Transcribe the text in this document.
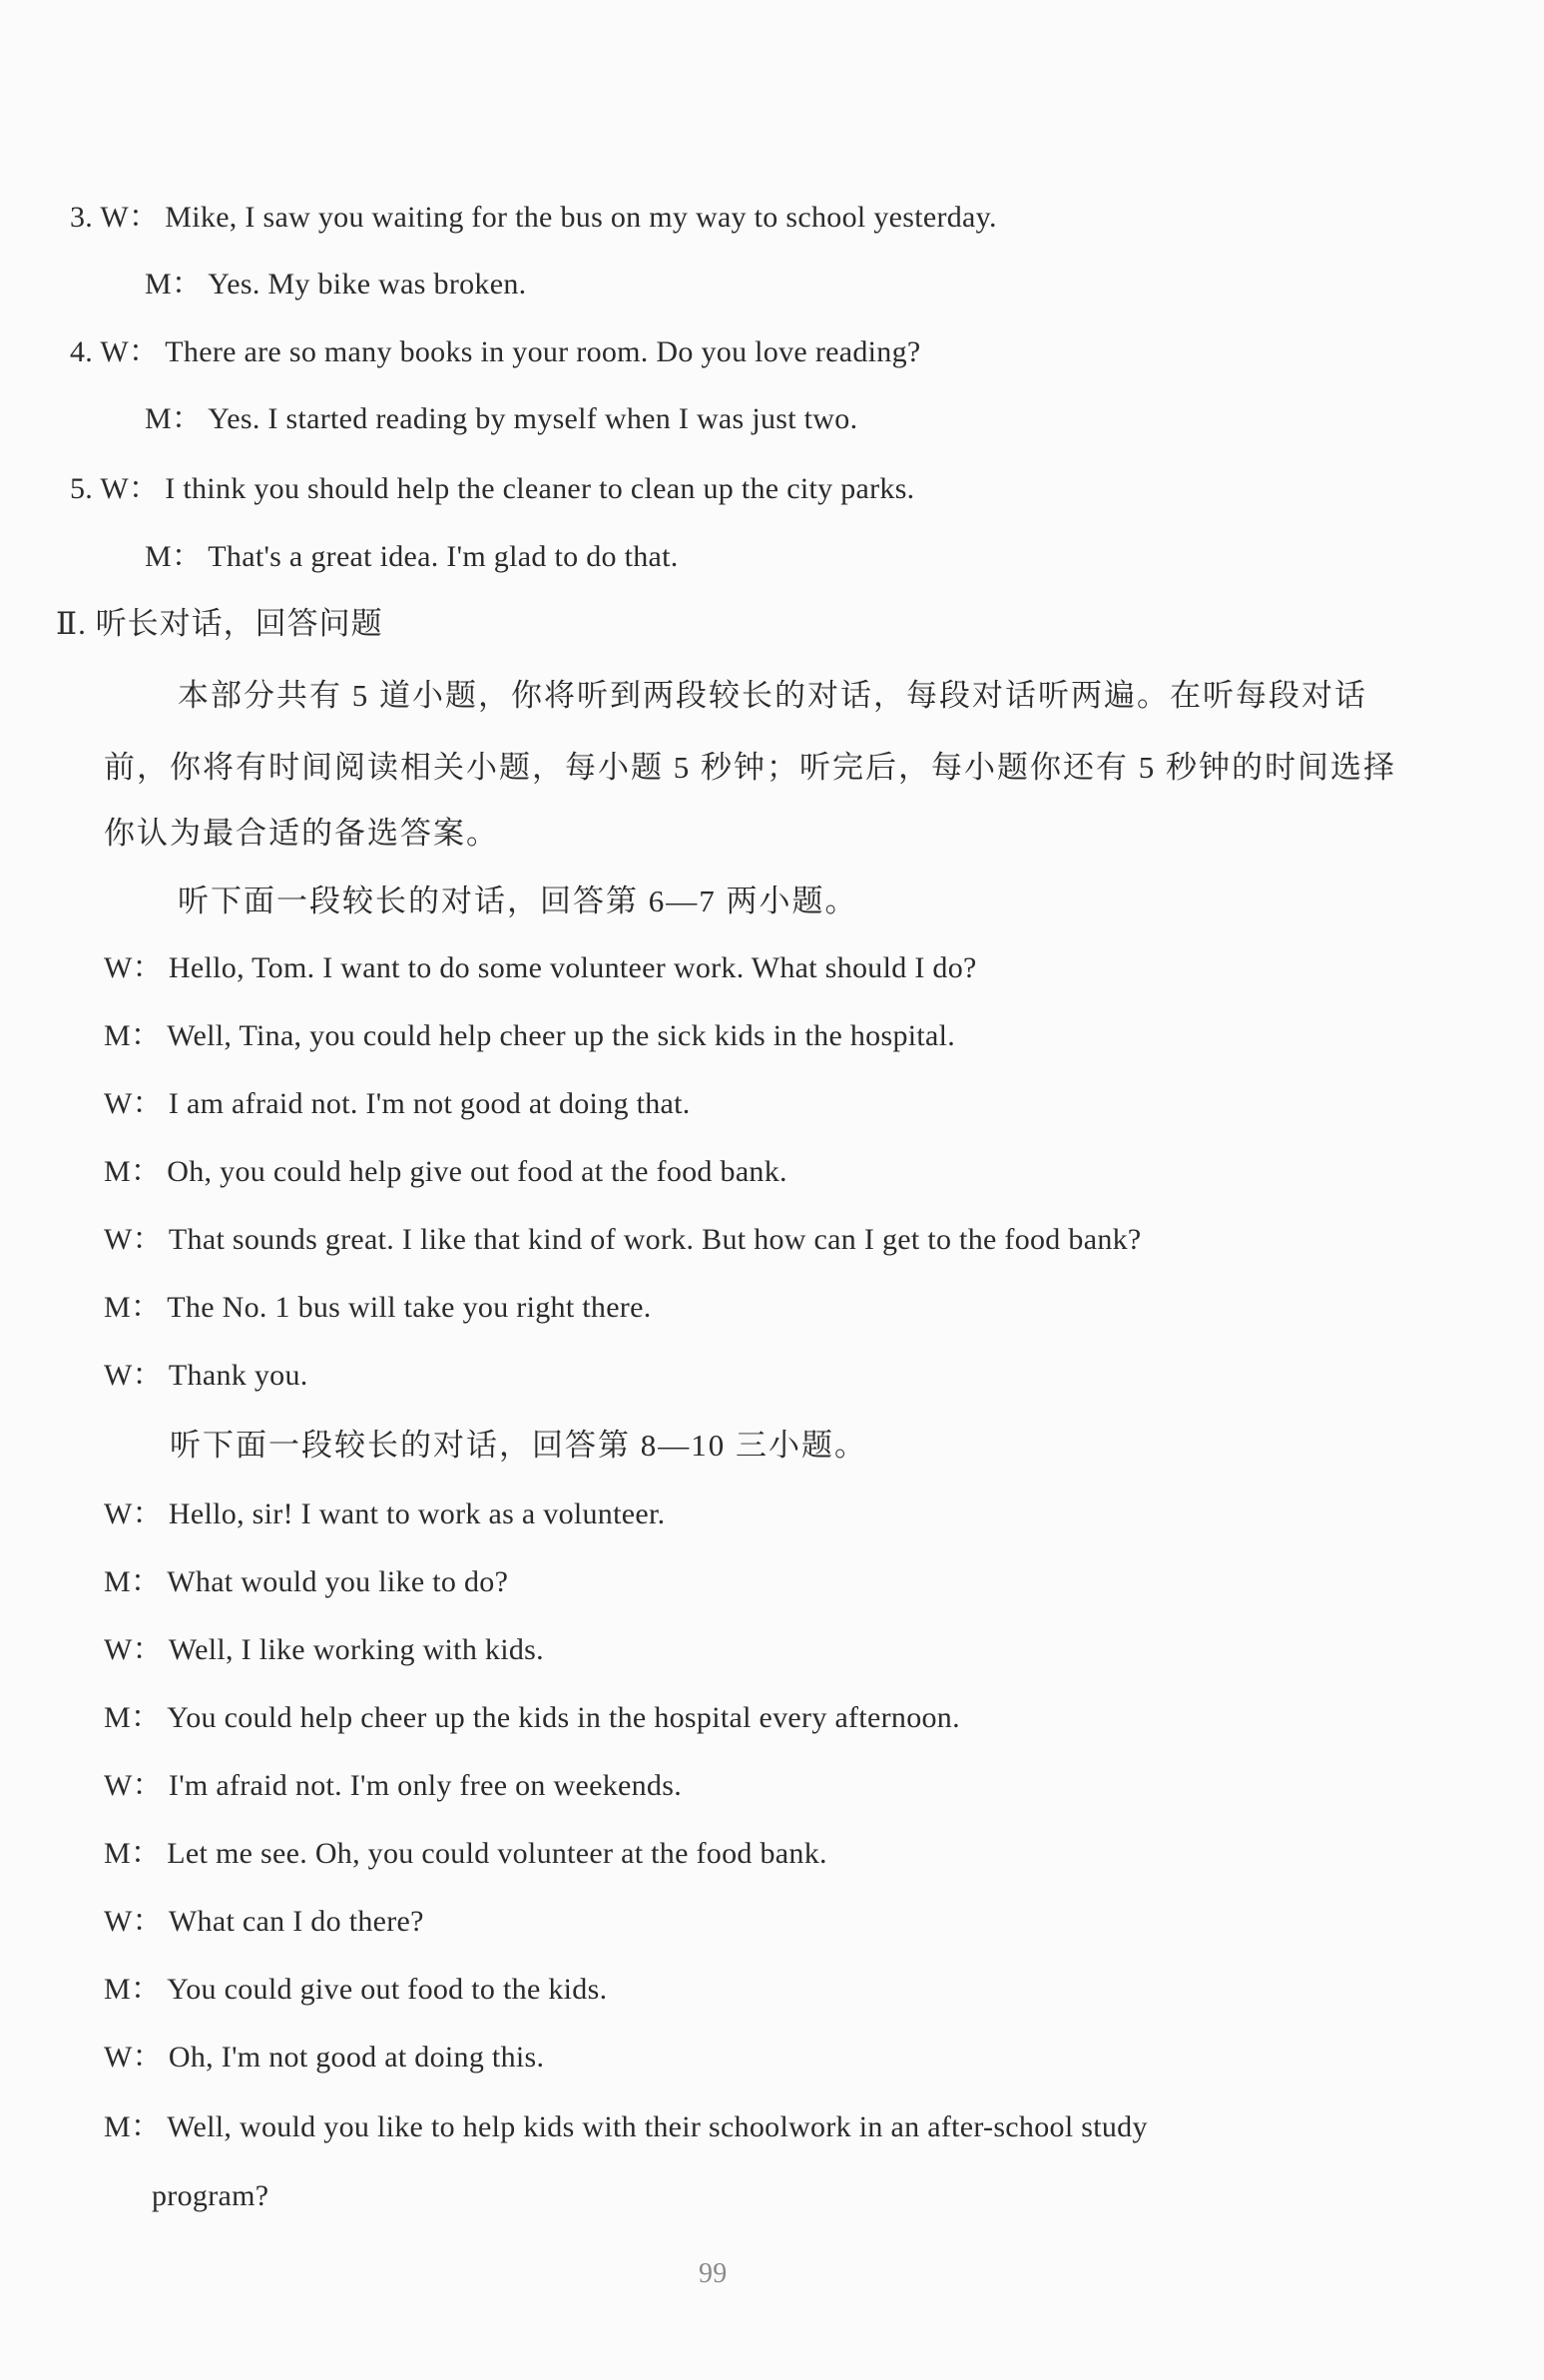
3. W： Mike, I saw you waiting for the bus on my way to school yesterday.
M： Yes. My bike was broken.
4. W： There are so many books in your room. Do you love reading?
M： Yes. I started reading by myself when I was just two.
5. W： I think you should help the cleaner to clean up the city parks.
M： That's a great idea. I'm glad to do that.
Ⅱ. 听长对话，回答问题
本部分共有 5 道小题，你将听到两段较长的对话，每段对话听两遍。在听每段对话
前，你将有时间阅读相关小题，每小题 5 秒钟；听完后，每小题你还有 5 秒钟的时间选择
你认为最合适的备选答案。
听下面一段较长的对话，回答第 6—7 两小题。
W： Hello, Tom. I want to do some volunteer work. What should I do?
M： Well, Tina, you could help cheer up the sick kids in the hospital.
W： I am afraid not. I'm not good at doing that.
M： Oh, you could help give out food at the food bank.
W： That sounds great. I like that kind of work. But how can I get to the food bank?
M： The No. 1 bus will take you right there.
W： Thank you.
听下面一段较长的对话，回答第 8—10 三小题。
W： Hello, sir! I want to work as a volunteer.
M： What would you like to do?
W： Well, I like working with kids.
M： You could help cheer up the kids in the hospital every afternoon.
W： I'm afraid not. I'm only free on weekends.
M： Let me see. Oh, you could volunteer at the food bank.
W： What can I do there?
M： You could give out food to the kids.
W： Oh, I'm not good at doing this.
M： Well, would you like to help kids with their schoolwork in an after-school study
program?
99
